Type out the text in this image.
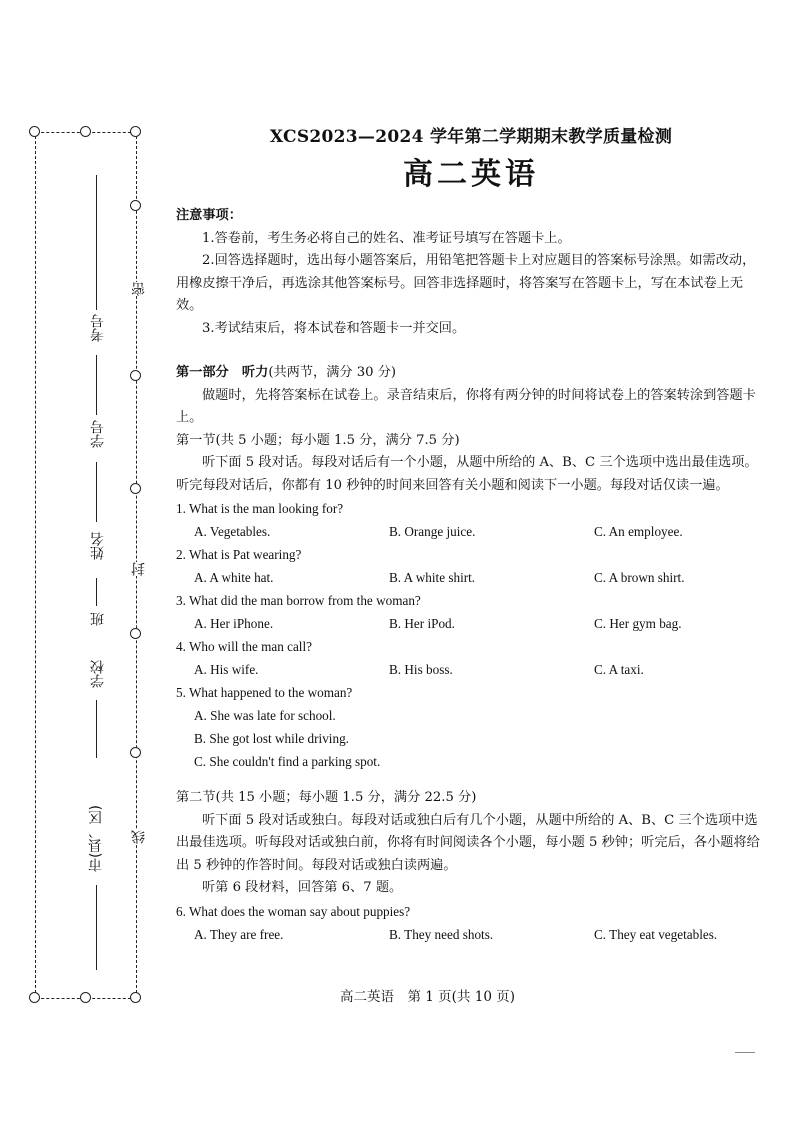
考号
学号
姓名
班
学校
市(县、区)
密
封
线
XCS2023—2024 学年第二学期期末教学质量检测
高二英语

注意事项：

1.答卷前，考生务必将自己的姓名、准考证号填写在答题卡上。

2.回答选择题时，选出每小题答案后，用铅笔把答题卡上对应题目的答案标号涂黑。如需改动，用橡皮擦干净后，再选涂其他答案标号。回答非选择题时，将答案写在答题卡上，写在本试卷上无效。

3.考试结束后，将本试卷和答题卡一并交回。

第一部分　听力(共两节，满分 30 分)

做题时，先将答案标在试卷上。录音结束后，你将有两分钟的时间将试卷上的答案转涂到答题卡上。

第一节(共 5 小题；每小题 1.5 分，满分 7.5 分)

听下面 5 段对话。每段对话后有一个小题，从题中所给的 A、B、C 三个选项中选出最佳选项。听完每段对话后，你都有 10 秒钟的时间来回答有关小题和阅读下一小题。每段对话仅读一遍。

1. What is the man looking for?

A. Vegetables.	B. Orange juice.	C. An employee.

2. What is Pat wearing?

A. A white hat.	B. A white shirt.	C. A brown shirt.

3. What did the man borrow from the woman?

A. Her iPhone.	B. Her iPod.	C. Her gym bag.

4. Who will the man call?

A. His wife.	B. His boss.	C. A taxi.

5. What happened to the woman?

A. She was late for school.
B. She got lost while driving.
C. She couldn't find a parking spot.

第二节(共 15 小题；每小题 1.5 分，满分 22.5 分)

听下面 5 段对话或独白。每段对话或独白后有几个小题，从题中所给的 A、B、C 三个选项中选出最佳选项。听每段对话或独白前，你将有时间阅读各个小题，每小题 5 秒钟；听完后，各小题将给出 5 秒钟的作答时间。每段对话或独白读两遍。

听第 6 段材料，回答第 6、7 题。

6. What does the woman say about puppies?

A. They are free.	B. They need shots.	C. They eat vegetables.
高二英语　第 1 页(共 10 页)
